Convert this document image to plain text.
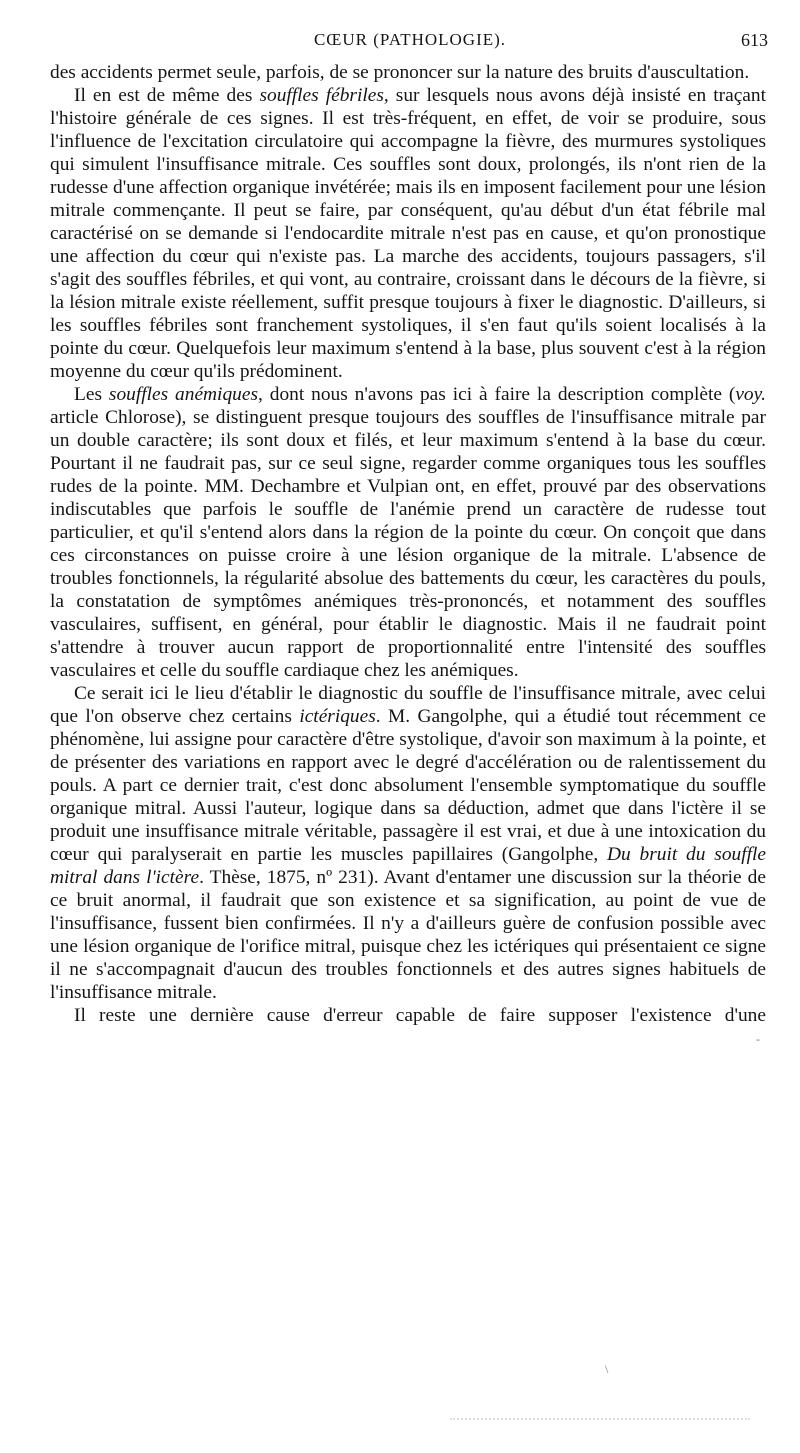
CŒUR (PATHOLOGIE).	613

des accidents permet seule, parfois, de se prononcer sur la nature des bruits d'auscultation.

Il en est de même des souffles fébriles, sur lesquels nous avons déjà insisté en traçant l'histoire générale de ces signes. Il est très-fréquent, en effet, de voir se produire, sous l'influence de l'excitation circulatoire qui accompagne la fièvre, des murmures systoliques qui simulent l'insuffisance mitrale. Ces souffles sont doux, prolongés, ils n'ont rien de la rudesse d'une affection organique invétérée; mais ils en imposent facilement pour une lésion mitrale commençante. Il peut se faire, par conséquent, qu'au début d'un état fébrile mal caractérisé on se demande si l'endocardite mitrale n'est pas en cause, et qu'on pronostique une affection du cœur qui n'existe pas. La marche des accidents, toujours passagers, s'il s'agit des souffles fébriles, et qui vont, au contraire, croissant dans le décours de la fièvre, si la lésion mitrale existe réellement, suffit presque toujours à fixer le diagnostic. D'ailleurs, si les souffles fébriles sont franchement systoliques, il s'en faut qu'ils soient localisés à la pointe du cœur. Quelquefois leur maximum s'entend à la base, plus souvent c'est à la région moyenne du cœur qu'ils prédominent.

Les souffles anémiques, dont nous n'avons pas ici à faire la description complète (voy. article Chlorose), se distinguent presque toujours des souffles de l'insuffisance mitrale par un double caractère; ils sont doux et filés, et leur maximum s'entend à la base du cœur. Pourtant il ne faudrait pas, sur ce seul signe, regarder comme organiques tous les souffles rudes de la pointe. MM. Dechambre et Vulpian ont, en effet, prouvé par des observations indiscutables que parfois le souffle de l'anémie prend un caractère de rudesse tout particulier, et qu'il s'entend alors dans la région de la pointe du cœur. On conçoit que dans ces circonstances on puisse croire à une lésion organique de la mitrale. L'absence de troubles fonctionnels, la régularité absolue des battements du cœur, les caractères du pouls, la constatation de symptômes anémiques très-prononcés, et notamment des souffles vasculaires, suffisent, en général, pour établir le diagnostic. Mais il ne faudrait point s'attendre à trouver aucun rapport de proportionnalité entre l'intensité des souffles vasculaires et celle du souffle cardiaque chez les anémiques.

Ce serait ici le lieu d'établir le diagnostic du souffle de l'insuffisance mitrale, avec celui que l'on observe chez certains ictériques. M. Gangolphe, qui a étudié tout récemment ce phénomène, lui assigne pour caractère d'être systolique, d'avoir son maximum à la pointe, et de présenter des variations en rapport avec le degré d'accélération ou de ralentissement du pouls. A part ce dernier trait, c'est donc absolument l'ensemble symptomatique du souffle organique mitral. Aussi l'auteur, logique dans sa déduction, admet que dans l'ictère il se produit une insuffisance mitrale véritable, passagère il est vrai, et due à une intoxication du cœur qui paralyserait en partie les muscles papillaires (Gangolphe, Du bruit du souffle mitral dans l'ictère. Thèse, 1875, nº 231). Avant d'entamer une discussion sur la théorie de ce bruit anormal, il faudrait que son existence et sa signification, au point de vue de l'insuffisance, fussent bien confirmées. Il n'y a d'ailleurs guère de confusion possible avec une lésion organique de l'orifice mitral, puisque chez les ictériques qui présentaient ce signe il ne s'accompagnait d'aucun des troubles fonctionnels et des autres signes habituels de l'insuffisance mitrale.

Il reste une dernière cause d'erreur capable de faire supposer l'existence d'une

-
\
